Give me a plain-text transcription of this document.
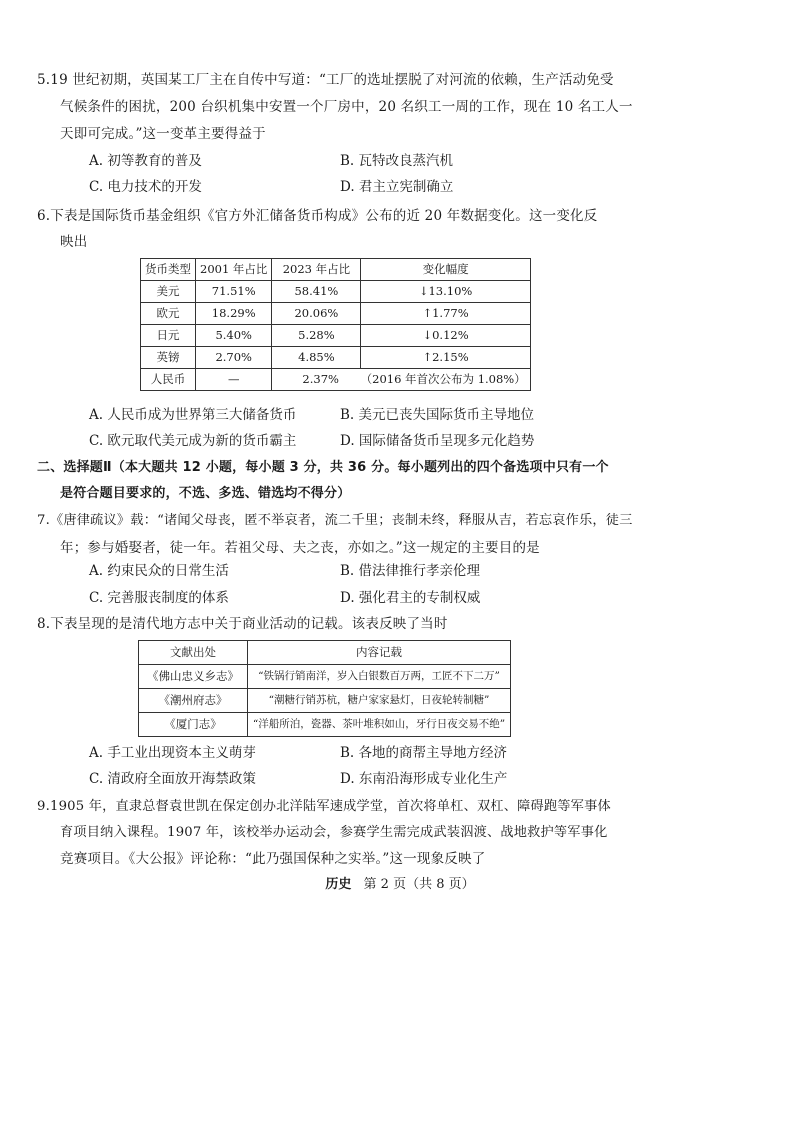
5.19 世纪初期，英国某工厂主在自传中写道：“工厂的选址摆脱了对河流的依赖，生产活动免受
气候条件的困扰，200 台织机集中安置一个厂房中，20 名织工一周的工作，现在 10 名工人一
天即可完成。”这一变革主要得益于
A. 初等教育的普及	B. 瓦特改良蒸汽机
C. 电力技术的开发	D. 君主立宪制确立
6.下表是国际货币基金组织《官方外汇储备货币构成》公布的近 20 年数据变化。这一变化反
映出
货币类型	2001 年占比	2023 年占比	变化幅度
美元	71.51%	58.41%	↓13.10%
欧元	18.29%	20.06%	↑1.77%
日元	5.40%	5.28%	↓0.12%
英镑	2.70%	4.85%	↑2.15%
人民币	—	2.37% （2016 年首次公布为 1.08%）	
A. 人民币成为世界第三大储备货币	B. 美元已丧失国际货币主导地位
C. 欧元取代美元成为新的货币霸主	D. 国际储备货币呈现多元化趋势
二、选择题Ⅱ（本大题共 12 小题，每小题 3 分，共 36 分。每小题列出的四个备选项中只有一个
是符合题目要求的，不选、多选、错选均不得分）
7.《唐律疏议》载：“诸闻父母丧，匿不举哀者，流二千里；丧制未终，释服从吉，若忘哀作乐，徒三
年；参与婚娶者，徒一年。若祖父母、夫之丧，亦如之。”这一规定的主要目的是
A. 约束民众的日常生活	B. 借法律推行孝亲伦理
C. 完善服丧制度的体系	D. 强化君主的专制权威
8.下表呈现的是清代地方志中关于商业活动的记载。该表反映了当时
文献出处	内容记载
《佛山忠义乡志》	“铁锅行销南洋，岁入白银数百万两，工匠不下二万”
《潮州府志》	“潮糖行销苏杭，糖户家家悬灯，日夜轮转制糖”
《厦门志》	“洋船所泊，瓷器、茶叶堆积如山，牙行日夜交易不绝”
A. 手工业出现资本主义萌芽	B. 各地的商帮主导地方经济
C. 清政府全面放开海禁政策	D. 东南沿海形成专业化生产
9.1905 年，直隶总督袁世凯在保定创办北洋陆军速成学堂，首次将单杠、双杠、障碍跑等军事体
育项目纳入课程。1907 年，该校举办运动会，参赛学生需完成武装泅渡、战地救护等军事化
竞赛项目。《大公报》评论称：“此乃强国保种之实举。”这一现象反映了
历史 第 2 页（共 8 页）
